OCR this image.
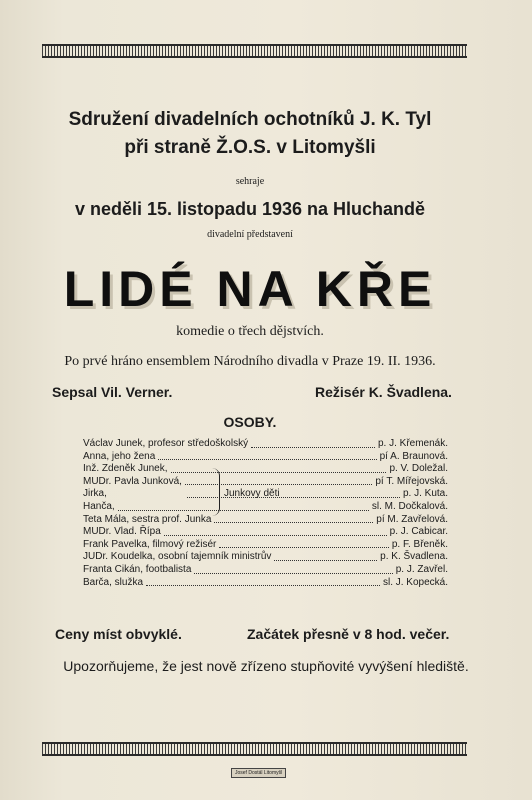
Sdružení divadelních ochotníků J. K. Tyl
při straně Ž.O.S. v Litomyšli
sehraje
v neděli 15. listopadu 1936 na Hluchandě
divadelní představení
LIDÉ NA KŘE
komedie o třech dějstvích.
Po prvé hráno ensemblem Národního divadla v Praze 19. II. 1936.
Sepsal Vil. Verner.	Režisér K. Švadlena.
OSOBY.
Václav Junek, profesor středoškolský	p. J. Křemenák.
Anna, jeho žena	pí A. Braunová.
Inž. Zdeněk Junek,	p. V. Doležal.
MUDr. Pavla Junková,	pí T. Mířejovská.
Jirka,	p. J. Kuta.
Hanča,	sl. M. Dočkalová.
Teta Mála, sestra prof. Junka	pí M. Zavřelová.
MUDr. Vlad. Řípa	p. J. Cabicar.
Frank Pavelka, filmový režisér	p. F. Břeněk.
JUDr. Koudelka, osobní tajemník ministrův	p. K. Švadlena.
Franta Cikán, footbalista	p. J. Zavřel.
Barča, služka	sl. J. Kopecká.
Junkovy děti
Ceny míst obvyklé.	Začátek přesně v 8 hod. večer.
Upozorňujeme, že jest nově zřízeno stupňovité vyvýšení hlediště.
Josef Dostál Litomyšl
